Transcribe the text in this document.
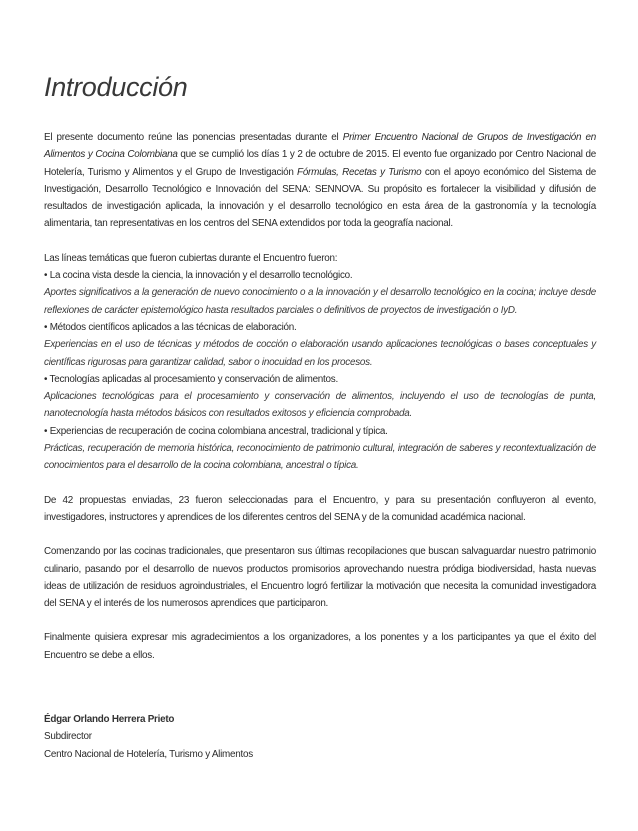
Introducción

El presente documento reúne las ponencias presentadas durante el Primer Encuentro Nacional de Grupos de Investigación en Alimentos y Cocina Colombiana que se cumplió los días 1 y 2 de octubre de 2015. El evento fue organizado por Centro Nacional de Hotelería, Turismo y Alimentos y el Grupo de Investigación Fórmulas, Recetas y Turismo con el apoyo económico del Sistema de Investigación, Desarrollo Tecnológico e Innovación del SENA: SENNOVA. Su propósito es fortalecer la visibilidad y difusión de resultados de investigación aplicada, la innovación y el desarrollo tecnológico en esta área de la gastronomía y la tecnología alimentaria, tan representativas en los centros del SENA extendidos por toda la geografía nacional.

Las líneas temáticas que fueron cubiertas durante el Encuentro fueron:

• La cocina vista desde la ciencia, la innovación y el desarrollo tecnológico.

Aportes significativos a la generación de nuevo conocimiento o a la innovación y el desarrollo tecnológico en la cocina; incluye desde reflexiones de carácter epistemológico hasta resultados parciales o definitivos de proyectos de investigación o IyD.

• Métodos científicos aplicados a las técnicas de elaboración.

Experiencias en el uso de técnicas y métodos de cocción o elaboración usando aplicaciones tecnológicas o bases conceptuales y científicas rigurosas para garantizar calidad, sabor o inocuidad en los procesos.

• Tecnologías aplicadas al procesamiento y conservación de alimentos.

Aplicaciones tecnológicas para el procesamiento y conservación de alimentos, incluyendo el uso de tecnologías de punta, nanotecnología hasta métodos básicos con resultados exitosos y eficiencia comprobada.

• Experiencias de recuperación de cocina colombiana ancestral, tradicional y típica.

Prácticas, recuperación de memoria histórica, reconocimiento de patrimonio cultural, integración de saberes y recontextualización de conocimientos para el desarrollo de la cocina colombiana, ancestral o típica.

De 42 propuestas enviadas, 23 fueron seleccionadas para el Encuentro, y para su presentación confluyeron al evento, investigadores, instructores y aprendices de los diferentes centros del SENA y de la comunidad académica nacional.

Comenzando por las cocinas tradicionales, que presentaron sus últimas recopilaciones que buscan salvaguardar nuestro patrimonio culinario, pasando por el desarrollo de nuevos productos promisorios aprovechando nuestra pródiga biodiversidad, hasta nuevas ideas de utilización de residuos agroindustriales, el Encuentro logró fertilizar la motivación que necesita la comunidad investigadora del SENA y el interés de los numerosos aprendices que participaron.

Finalmente quisiera expresar mis agradecimientos a los organizadores, a los ponentes y a los participantes ya que el éxito del Encuentro se debe a ellos.

Édgar Orlando Herrera Prieto
Subdirector
Centro Nacional de Hotelería, Turismo y Alimentos
